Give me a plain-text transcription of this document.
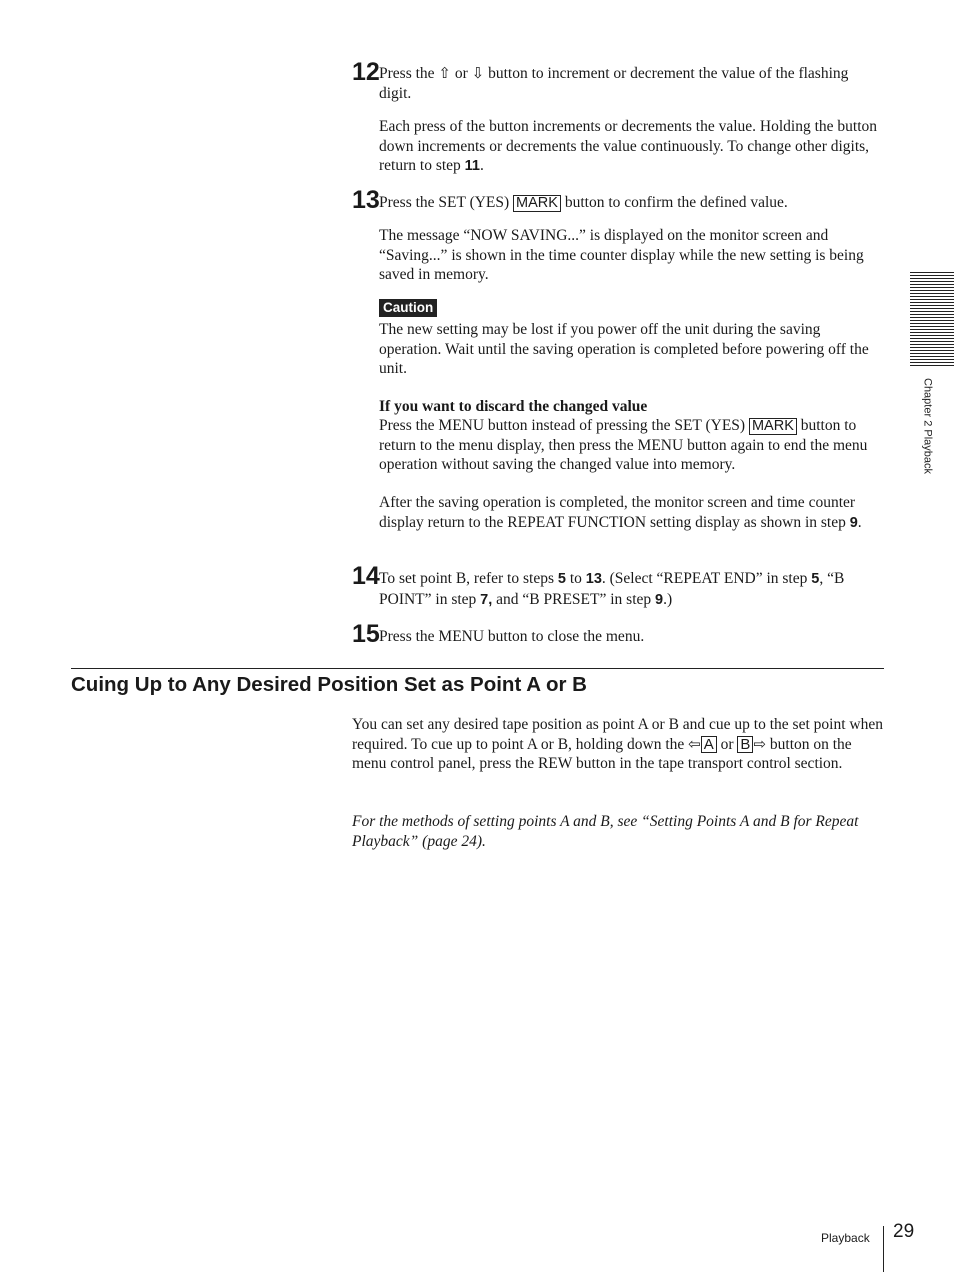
12 Press the ⇧ or ⇩ button to increment or decrement the value of the flashing digit.
Each press of the button increments or decrements the value. Holding the button down increments or decrements the value continuously. To change other digits, return to step 11.
13 Press the SET (YES) MARK button to confirm the defined value.
The message “NOW SAVING...” is displayed on the monitor screen and “Saving...” is shown in the time counter display while the new setting is being saved in memory.
Caution
The new setting may be lost if you power off the unit during the saving operation. Wait until the saving operation is completed before powering off the unit.
If you want to discard the changed value
Press the MENU button instead of pressing the SET (YES) MARK button to return to the menu display, then press the MENU button again to end the menu operation without saving the changed value into memory.
After the saving operation is completed, the monitor screen and time counter display return to the REPEAT FUNCTION setting display as shown in step 9.
14 To set point B, refer to steps 5 to 13. (Select “REPEAT END” in step 5, “B POINT” in step 7, and “B PRESET” in step 9.)
15 Press the MENU button to close the menu.
Cuing Up to Any Desired Position Set as Point A or B
You can set any desired tape position as point A or B and cue up to the set point when required. To cue up to point A or B, holding down the ⇦ A or B ⇨ button on the menu control panel, press the REW button in the tape transport control section.
For the methods of setting points A and B, see “Setting Points A and B for Repeat Playback” (page 24).
Chapter 2 Playback
Playback 29
